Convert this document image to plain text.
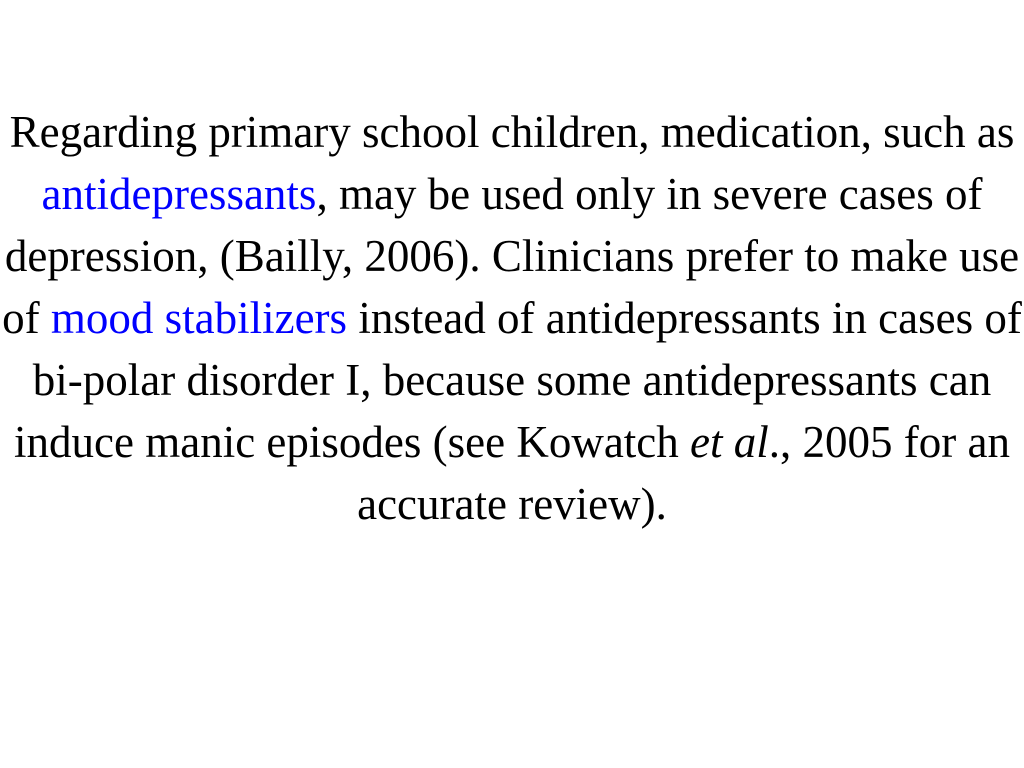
Regarding primary school children, medication, such as antidepressants, may be used only in severe cases of depression, (Bailly, 2006). Clinicians prefer to make use of mood stabilizers instead of antidepressants in cases of bi-polar disorder I, because some antidepressants can induce manic episodes (see Kowatch et al., 2005 for an accurate review).
